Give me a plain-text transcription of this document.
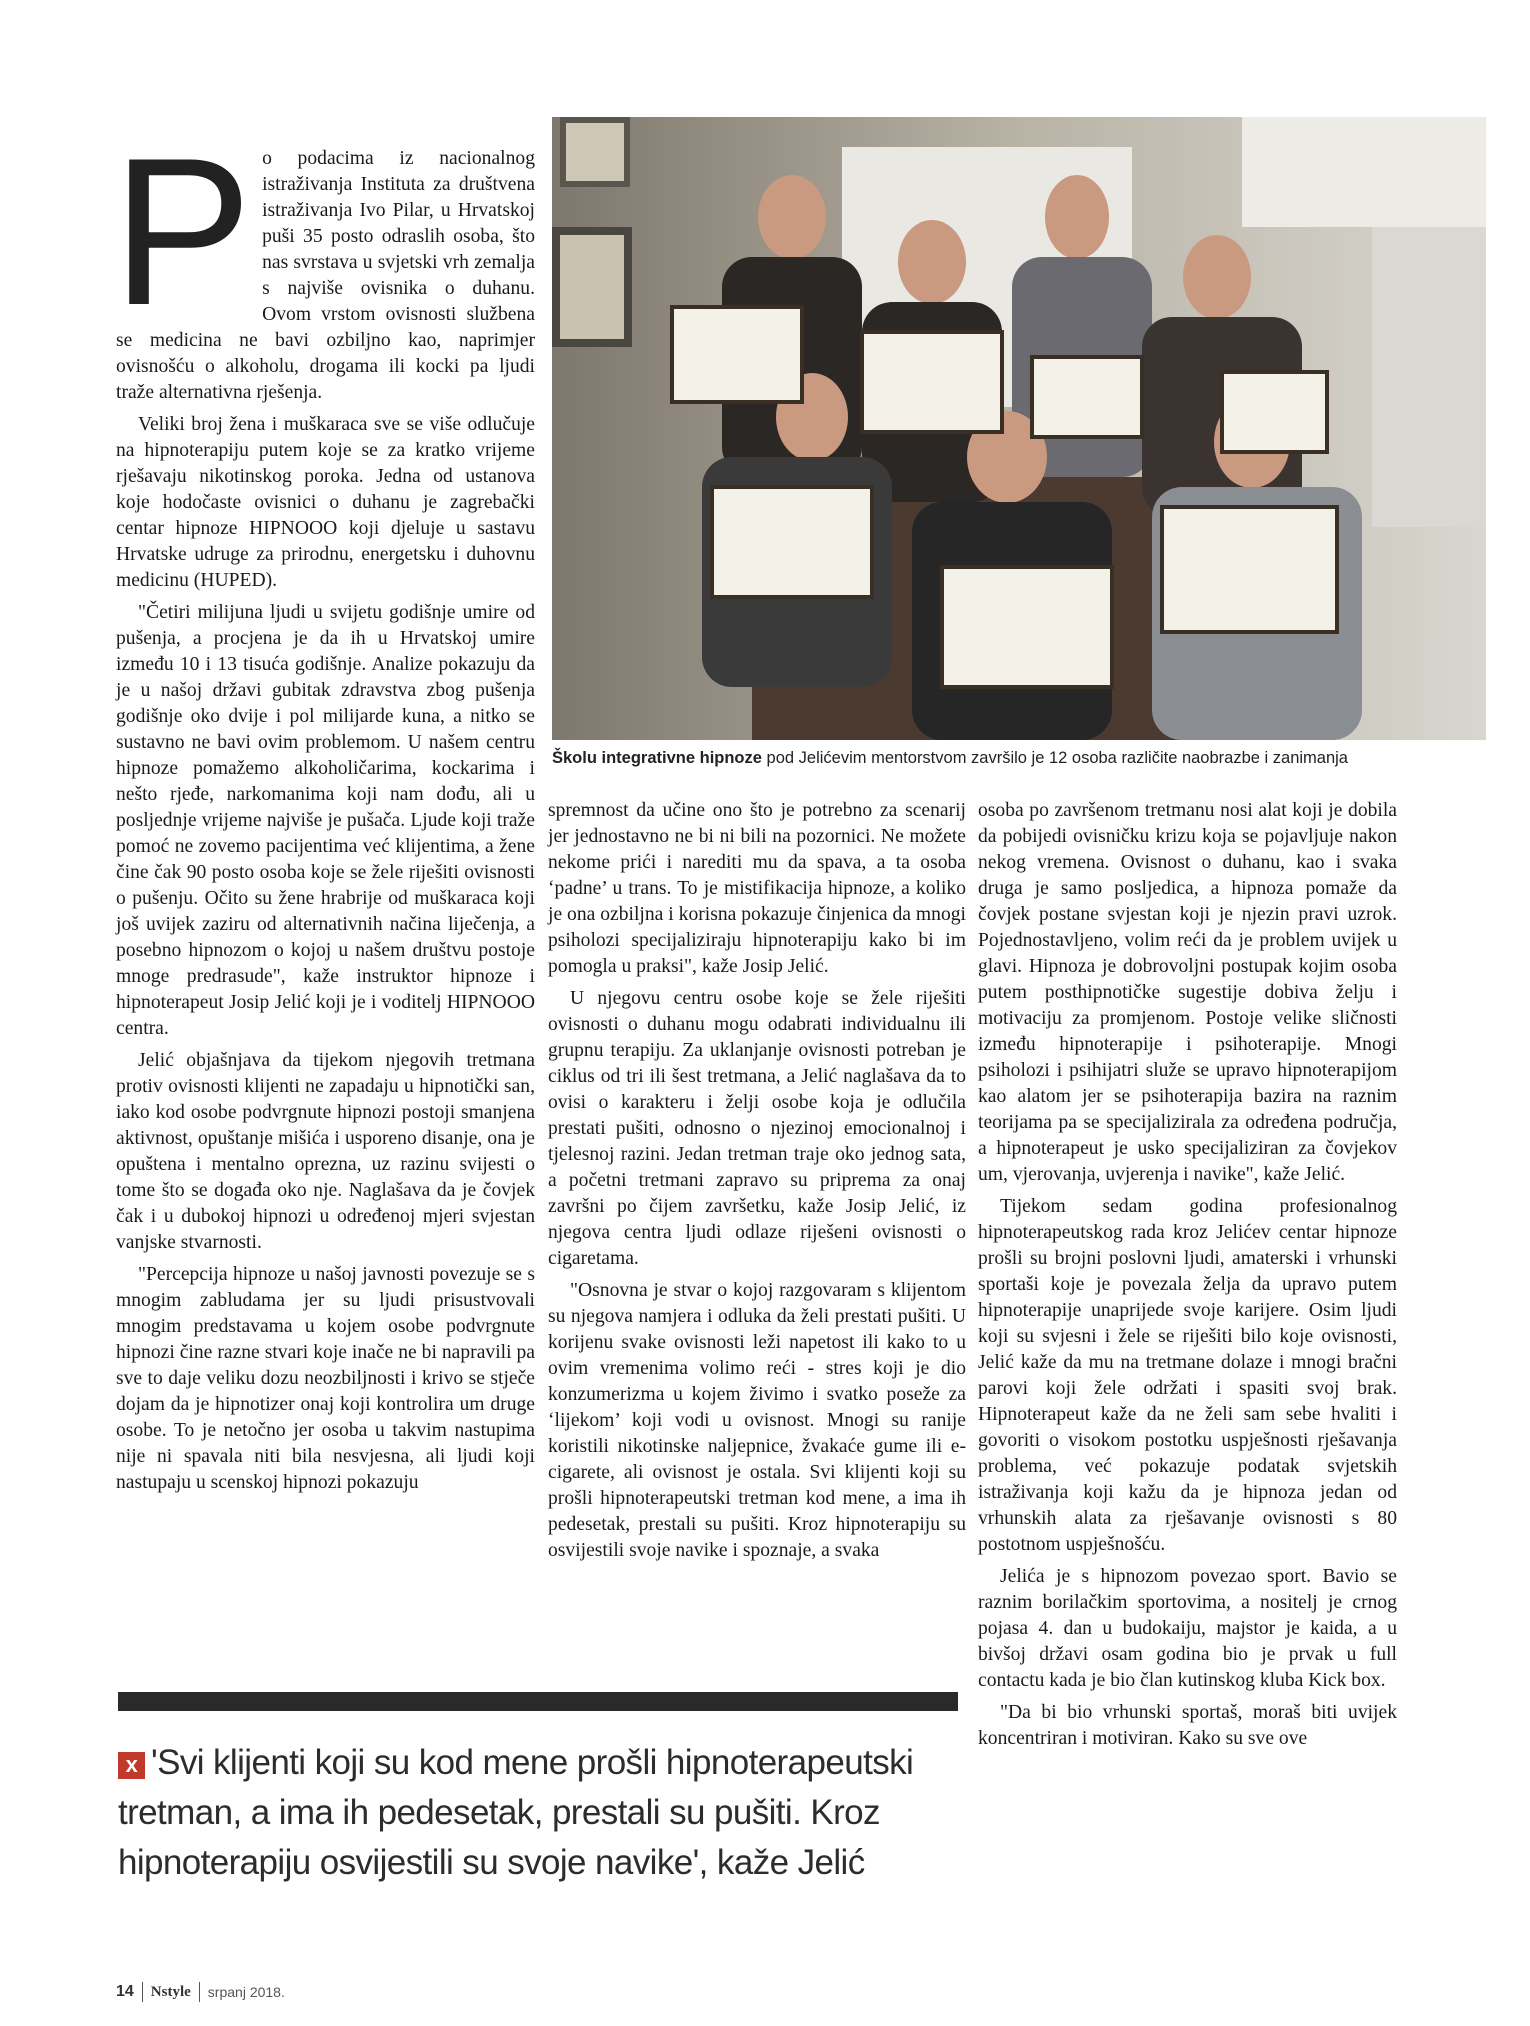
P o podacima iz nacionalnog istraživanja Instituta za društvena istraživanja Ivo Pilar, u Hrvatskoj puši 35 posto odraslih osoba, što nas svrstava u svjetski vrh zemalja s najviše ovisnika o duhanu. Ovom vrstom ovisnosti službena se medicina ne bavi ozbiljno kao, naprimjer ovisnošću o alkoholu, drogama ili kocki pa ljudi traže alternativna rješenja.

Veliki broj žena i muškaraca sve se više odlučuje na hipnoterapiju putem koje se za kratko vrijeme rješavaju nikotinskog poroka. Jedna od ustanova koje hodočaste ovisnici o duhanu je zagrebački centar hipnoze HIPNOOO koji djeluje u sastavu Hrvatske udruge za prirodnu, energetsku i duhovnu medicinu (HUPED).

"Četiri milijuna ljudi u svijetu godišnje umire od pušenja, a procjena je da ih u Hrvatskoj umire između 10 i 13 tisuća godišnje. Analize pokazuju da je u našoj državi gubitak zdravstva zbog pušenja godišnje oko dvije i pol milijarde kuna, a nitko se sustavno ne bavi ovim problemom. U našem centru hipnoze pomažemo alkoholičarima, kockarima i nešto rjeđe, narkomanima koji nam dođu, ali u posljednje vrijeme najviše je pušača. Ljude koji traže pomoć ne zovemo pacijentima već klijentima, a žene čine čak 90 posto osoba koje se žele riješiti ovisnosti o pušenju. Očito su žene hrabrije od muškaraca koji još uvijek zaziru od alternativnih načina liječenja, a posebno hipnozom o kojoj u našem društvu postoje mnoge predrasude", kaže instruktor hipnoze i hipnoterapeut Josip Jelić koji je i voditelj HIPNOOO centra.

Jelić objašnjava da tijekom njegovih tretmana protiv ovisnosti klijenti ne zapadaju u hipnotički san, iako kod osobe podvrgnute hipnozi postoji smanjena aktivnost, opuštanje mišića i usporeno disanje, ona je opuštena i mentalno oprezna, uz razinu svijesti o tome što se događa oko nje. Naglašava da je čovjek čak i u dubokoj hipnozi u određenoj mjeri svjestan vanjske stvarnosti.

"Percepcija hipnoze u našoj javnosti povezuje se s mnogim zabludama jer su ljudi prisustvovali mnogim predstavama u kojem osobe podvrgnute hipnozi čine razne stvari koje inače ne bi napravili pa sve to daje veliku dozu neozbiljnosti i krivo se stječe dojam da je hipnotizer onaj koji kontrolira um druge osobe. To je netočno jer osoba u takvim nastupima nije ni spavala niti bila nesvjesna, ali ljudi koji nastupaju u scenskoj hipnozi pokazuju

Školu integrativne hipnoze pod Jelićevim mentorstvom završilo je 12 osoba različite naobrazbe i zanimanja

spremnost da učine ono što je potrebno za scenarij jer jednostavno ne bi ni bili na pozornici. Ne možete nekome prići i narediti mu da spava, a ta osoba ‘padne’ u trans. To je mistifikacija hipnoze, a koliko je ona ozbiljna i korisna pokazuje činjenica da mnogi psiholozi specijaliziraju hipnoterapiju kako bi im pomogla u praksi", kaže Josip Jelić.

U njegovu centru osobe koje se žele riješiti ovisnosti o duhanu mogu odabrati individualnu ili grupnu terapiju. Za uklanjanje ovisnosti potreban je ciklus od tri ili šest tretmana, a Jelić naglašava da to ovisi o karakteru i želji osobe koja je odlučila prestati pušiti, odnosno o njezinoj emocionalnoj i tjelesnoj razini. Jedan tretman traje oko jednog sata, a početni tretmani zapravo su priprema za onaj završni po čijem završetku, kaže Josip Jelić, iz njegova centra ljudi odlaze riješeni ovisnosti o cigaretama.

"Osnovna je stvar o kojoj razgovaram s klijentom su njegova namjera i odluka da želi prestati pušiti. U korijenu svake ovisnosti leži napetost ili kako to u ovim vremenima volimo reći - stres koji je dio konzumerizma u kojem živimo i svatko poseže za ‘lijekom’ koji vodi u ovisnost. Mnogi su ranije koristili nikotinske naljepnice, žvakaće gume ili e-cigarete, ali ovisnost je ostala. Svi klijenti koji su prošli hipnoterapeutski tretman kod mene, a ima ih pedesetak, prestali su pušiti. Kroz hipnoterapiju su osvijestili svoje navike i spoznaje, a svaka

osoba po završenom tretmanu nosi alat koji je dobila da pobijedi ovisničku krizu koja se pojavljuje nakon nekog vremena. Ovisnost o duhanu, kao i svaka druga je samo posljedica, a hipnoza pomaže da čovjek postane svjestan koji je njezin pravi uzrok. Pojednostavljeno, volim reći da je problem uvijek u glavi. Hipnoza je dobrovoljni postupak kojim osoba putem posthipnotičke sugestije dobiva želju i motivaciju za promjenom. Postoje velike sličnosti između hipnoterapije i psihoterapije. Mnogi psiholozi i psihijatri služe se upravo hipnoterapijom kao alatom jer se psihoterapija bazira na raznim teorijama pa se specijalizirala za određena područja, a hipnoterapeut je usko specijaliziran za čovjekov um, vjerovanja, uvjerenja i navike", kaže Jelić.

Tijekom sedam godina profesionalnog hipnoterapeutskog rada kroz Jelićev centar hipnoze prošli su brojni poslovni ljudi, amaterski i vrhunski sportaši koje je povezala želja da upravo putem hipnoterapije unaprijede svoje karijere. Osim ljudi koji su svjesni i žele se riješiti bilo koje ovisnosti, Jelić kaže da mu na tretmane dolaze i mnogi bračni parovi koji žele održati i spasiti svoj brak. Hipnoterapeut kaže da ne želi sam sebe hvaliti i govoriti o visokom postotku uspješnosti rješavanja problema, već pokazuje podatak svjetskih istraživanja koji kažu da je hipnoza jedan od vrhunskih alata za rješavanje ovisnosti s 80 postotnom uspješnošću.

Jelića je s hipnozom povezao sport. Bavio se raznim borilačkim sportovima, a nositelj je crnog pojasa 4. dan u budokaiju, majstor je kaida, a u bivšoj državi osam godina bio je prvak u full contactu kada je bio član kutinskog kluba Kick box.

"Da bi bio vrhunski sportaš, moraš biti uvijek koncentriran i motiviran. Kako su sve ove

x 'Svi klijenti koji su kod mene prošli hipnoterapeutski tretman, a ima ih pedesetak, prestali su pušiti. Kroz hipnoterapiju osvijestili su svoje navike', kaže Jelić
14 Nstyle srpanj 2018.
